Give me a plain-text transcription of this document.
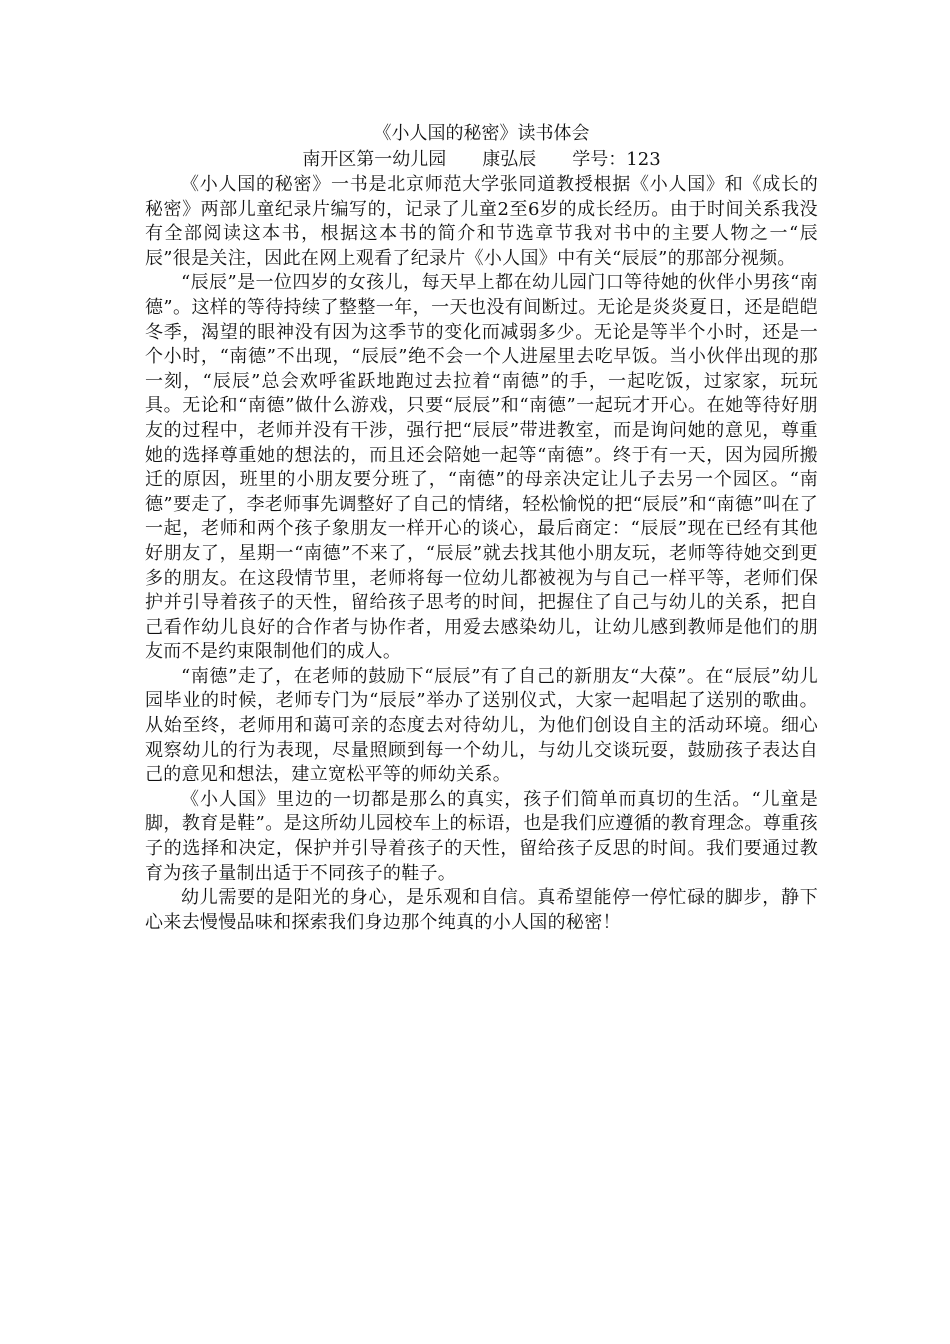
《小人国的秘密》读书体会

南开区第一幼儿园　　康弘辰　　学号：123

《小人国的秘密》一书是北京师范大学张同道教授根据《小人国》和《成长的秘密》两部儿童纪录片编写的，记录了儿童2至6岁的成长经历。由于时间关系我没有全部阅读这本书，根据这本书的简介和节选章节我对书中的主要人物之一“辰辰”很是关注，因此在网上观看了纪录片《小人国》中有关“辰辰”的那部分视频。

“辰辰”是一位四岁的女孩儿，每天早上都在幼儿园门口等待她的伙伴小男孩“南德”。这样的等待持续了整整一年，一天也没有间断过。无论是炎炎夏日，还是皑皑冬季，渴望的眼神没有因为这季节的变化而减弱多少。无论是等半个小时，还是一个小时，“南德”不出现，“辰辰”绝不会一个人进屋里去吃早饭。当小伙伴出现的那一刻，“辰辰”总会欢呼雀跃地跑过去拉着“南德”的手，一起吃饭，过家家，玩玩具。无论和“南德”做什么游戏，只要“辰辰”和“南德”一起玩才开心。在她等待好朋友的过程中，老师并没有干涉，强行把“辰辰”带进教室，而是询问她的意见，尊重她的选择尊重她的想法的，而且还会陪她一起等“南德”。终于有一天，因为园所搬迁的原因，班里的小朋友要分班了，“南德”的母亲决定让儿子去另一个园区。“南德”要走了，李老师事先调整好了自己的情绪，轻松愉悦的把“辰辰”和“南德”叫在了一起，老师和两个孩子象朋友一样开心的谈心，最后商定：“辰辰”现在已经有其他好朋友了，星期一“南德”不来了，“辰辰”就去找其他小朋友玩，老师等待她交到更多的朋友。在这段情节里，老师将每一位幼儿都被视为与自己一样平等，老师们保护并引导着孩子的天性，留给孩子思考的时间，把握住了自己与幼儿的关系，把自己看作幼儿良好的合作者与协作者，用爱去感染幼儿，让幼儿感到教师是他们的朋友而不是约束限制他们的成人。

“南德”走了，在老师的鼓励下“辰辰”有了自己的新朋友“大葆”。在“辰辰”幼儿园毕业的时候，老师专门为“辰辰”举办了送别仪式，大家一起唱起了送别的歌曲。从始至终，老师用和蔼可亲的态度去对待幼儿，为他们创设自主的活动环境。细心观察幼儿的行为表现，尽量照顾到每一个幼儿，与幼儿交谈玩耍，鼓励孩子表达自己的意见和想法，建立宽松平等的师幼关系。

《小人国》里边的一切都是那么的真实，孩子们简单而真切的生活。“儿童是脚，教育是鞋”。是这所幼儿园校车上的标语，也是我们应遵循的教育理念。尊重孩子的选择和决定，保护并引导着孩子的天性，留给孩子反思的时间。我们要通过教育为孩子量制出适于不同孩子的鞋子。

幼儿需要的是阳光的身心，是乐观和自信。真希望能停一停忙碌的脚步，静下心来去慢慢品味和探索我们身边那个纯真的小人国的秘密！
